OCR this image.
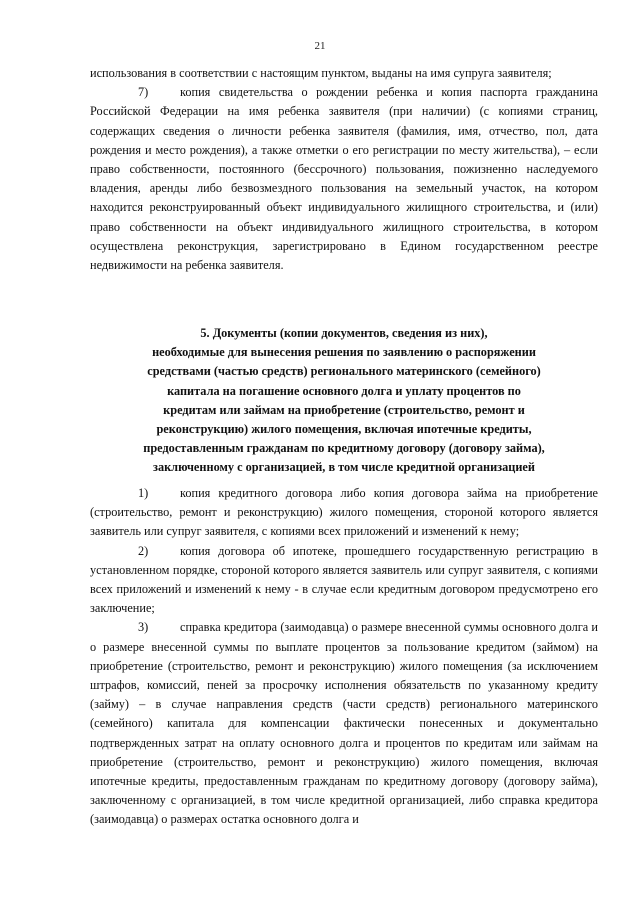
21

использования в соответствии с настоящим пунктом, выданы на имя супруга заявителя;

7)	копия свидетельства о рождении ребенка и копия паспорта гражданина Российской Федерации на имя ребенка заявителя (при наличии) (с копиями страниц, содержащих сведения о личности ребенка заявителя (фамилия, имя, отчество, пол, дата рождения и место рождения), а также отметки о его регистрации по месту жительства), – если право собственности, постоянного (бессрочного) пользования, пожизненно наследуемого владения, аренды либо безвозмездного пользования на земельный участок, на котором находится реконструированный объект индивидуального жилищного строительства, и (или) право собственности на объект индивидуального жилищного строительства, в котором осуществлена реконструкция, зарегистрировано в Едином государственном реестре недвижимости на ребенка заявителя.

5. Документы (копии документов, сведения из них),
необходимые для вынесения решения по заявлению о распоряжении
средствами (частью средств) регионального материнского (семейного)
капитала на погашение основного долга и уплату процентов по
кредитам или займам на приобретение (строительство, ремонт и
реконструкцию) жилого помещения, включая ипотечные кредиты,
предоставленным гражданам по кредитному договору (договору займа),
заключенному с организацией, в том числе кредитной организацией

1)	копия кредитного договора либо копия договора займа на приобретение (строительство, ремонт и реконструкцию) жилого помещения, стороной которого является заявитель или супруг заявителя, с копиями всех приложений и изменений к нему;

2)	копия договора об ипотеке, прошедшего государственную регистрацию в установленном порядке, стороной которого является заявитель или супруг заявителя, с копиями всех приложений и изменений к нему - в случае если кредитным договором предусмотрено его заключение;

3)	справка кредитора (заимодавца) о размере внесенной суммы основного долга и о размере внесенной суммы по выплате процентов за пользование кредитом (займом) на приобретение (строительство, ремонт и реконструкцию) жилого помещения (за исключением штрафов, комиссий, пеней за просрочку исполнения обязательств по указанному кредиту (займу) – в случае направления средств (части средств) регионального материнского (семейного) капитала для компенсации фактически понесенных и документально подтвержденных затрат на оплату основного долга и процентов по кредитам или займам на приобретение (строительство, ремонт и реконструкцию) жилого помещения, включая ипотечные кредиты, предоставленным гражданам по кредитному договору (договору займа), заключенному с организацией, в том числе кредитной организацией, либо справка кредитора (заимодавца) о размерах остатка основного долга и
